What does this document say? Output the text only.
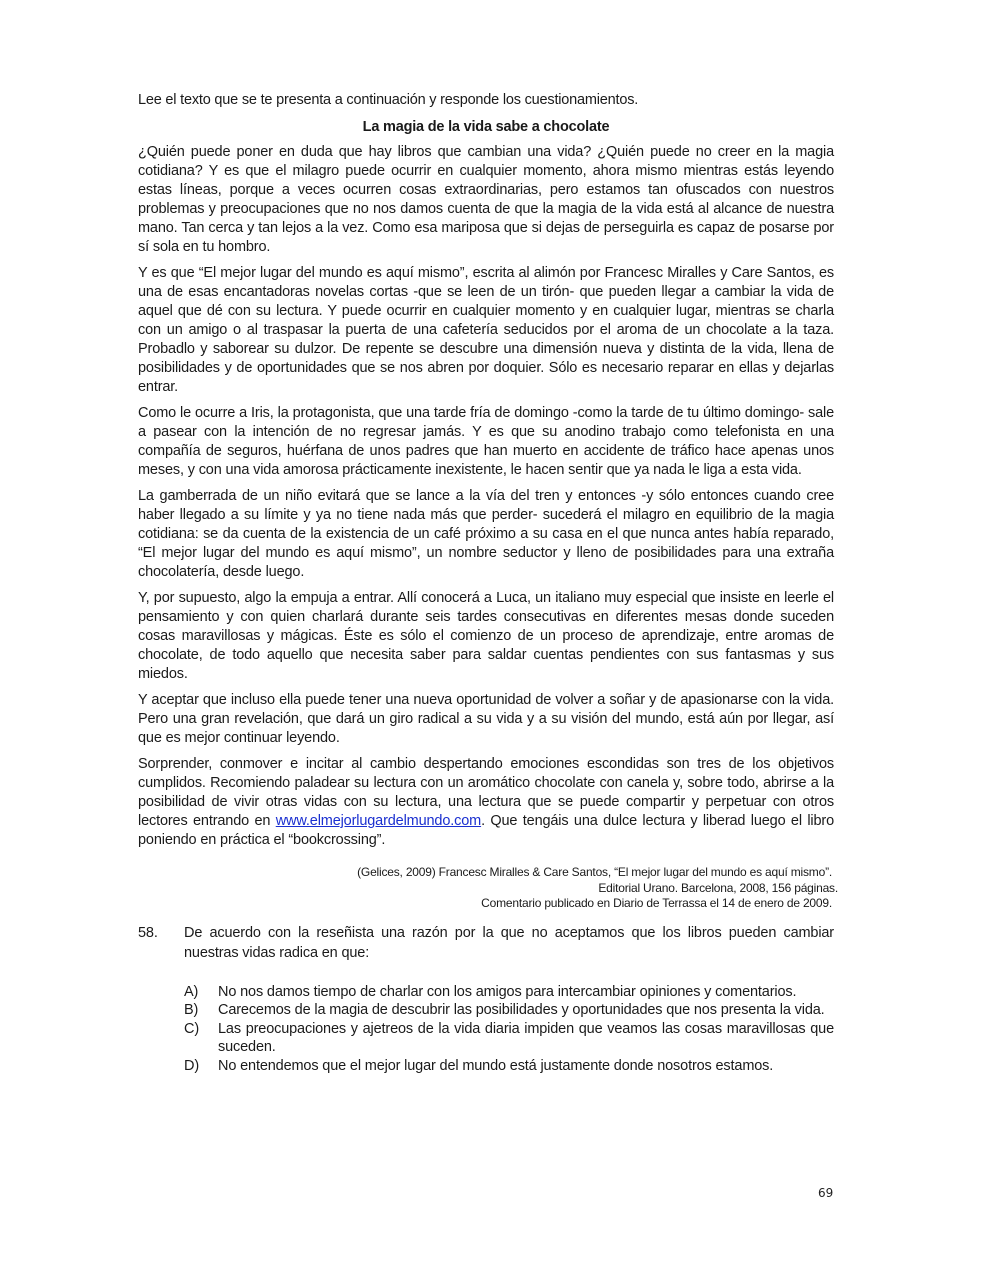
Lee el texto que se te presenta a continuación y responde los cuestionamientos.

La magia de la vida sabe a chocolate

¿Quién puede poner en duda que hay libros que cambian una vida? ¿Quién puede no creer en la magia cotidiana? Y es que el milagro puede ocurrir en cualquier momento, ahora mismo mientras estás leyendo estas líneas, porque a veces ocurren cosas extraordinarias, pero estamos tan ofuscados con nuestros problemas y preocupaciones que no nos damos cuenta de que la magia de la vida está al alcance de nuestra mano. Tan cerca y tan lejos a la vez. Como esa mariposa que si dejas de perseguirla es capaz de posarse por sí sola en tu hombro.

Y es que “El mejor lugar del mundo es aquí mismo”, escrita al alimón por Francesc Miralles y Care Santos, es una de esas encantadoras novelas cortas -que se leen de un tirón- que pueden llegar a cambiar la vida de aquel que dé con su lectura. Y puede ocurrir en cualquier momento y en cualquier lugar, mientras se charla con un amigo o al traspasar la puerta de una cafetería seducidos por el aroma de un chocolate a la taza. Probadlo y saborear su dulzor. De repente se descubre una dimensión nueva y distinta de la vida, llena de posibilidades y de oportunidades que se nos abren por doquier. Sólo es necesario reparar en ellas y dejarlas entrar.

Como le ocurre a Iris, la protagonista, que una tarde fría de domingo -como la tarde de tu último domingo- sale a pasear con la intención de no regresar jamás. Y es que su anodino trabajo como telefonista en una compañía de seguros, huérfana de unos padres que han muerto en accidente de tráfico hace apenas unos meses, y con una vida amorosa prácticamente inexistente, le hacen sentir que ya nada le liga a esta vida.

La gamberrada de un niño evitará que se lance a la vía del tren y entonces -y sólo entonces cuando cree haber llegado a su límite y ya no tiene nada más que perder- sucederá el milagro en equilibrio de la magia cotidiana: se da cuenta de la existencia de un café próximo a su casa en el que nunca antes había reparado, “El mejor lugar del mundo es aquí mismo”, un nombre seductor y lleno de posibilidades para una extraña chocolatería, desde luego.

Y, por supuesto, algo la empuja a entrar. Allí conocerá a Luca, un italiano muy especial que insiste en leerle el pensamiento y con quien charlará durante seis tardes consecutivas en diferentes mesas donde suceden cosas maravillosas y mágicas. Éste es sólo el comienzo de un proceso de aprendizaje, entre aromas de chocolate, de todo aquello que necesita saber para saldar cuentas pendientes con sus fantasmas y sus miedos.

Y aceptar que incluso ella puede tener una nueva oportunidad de volver a soñar y de apasionarse con la vida. Pero una gran revelación, que dará un giro radical a su vida y a su visión del mundo, está aún por llegar, así que es mejor continuar leyendo.

Sorprender, conmover e incitar al cambio despertando emociones escondidas son tres de los objetivos cumplidos. Recomiendo paladear su lectura con un aromático chocolate con canela y, sobre todo, abrirse a la posibilidad de vivir otras vidas con su lectura, una lectura que se puede compartir y perpetuar con otros lectores entrando en www.elmejorlugardelmundo.com. Que tengáis una dulce lectura y liberad luego el libro poniendo en práctica el “bookcrossing”.

(Gelices, 2009) Francesc Miralles & Care Santos, “El mejor lugar del mundo es aquí mismo”.
Editorial Urano. Barcelona, 2008, 156 páginas.
Comentario publicado en Diario de Terrassa el 14 de enero de 2009.
58.	De acuerdo con la reseñista una razón por la que no aceptamos que los libros pueden cambiar nuestras vidas radica en que:
A)	No nos damos tiempo de charlar con los amigos para intercambiar opiniones y comentarios.
B)	Carecemos de la magia de descubrir las posibilidades y oportunidades que nos presenta la vida.
C)	Las preocupaciones y ajetreos de la vida diaria impiden que veamos las cosas maravillosas que suceden.
D)	No entendemos que el mejor lugar del mundo está justamente donde nosotros estamos.
69
